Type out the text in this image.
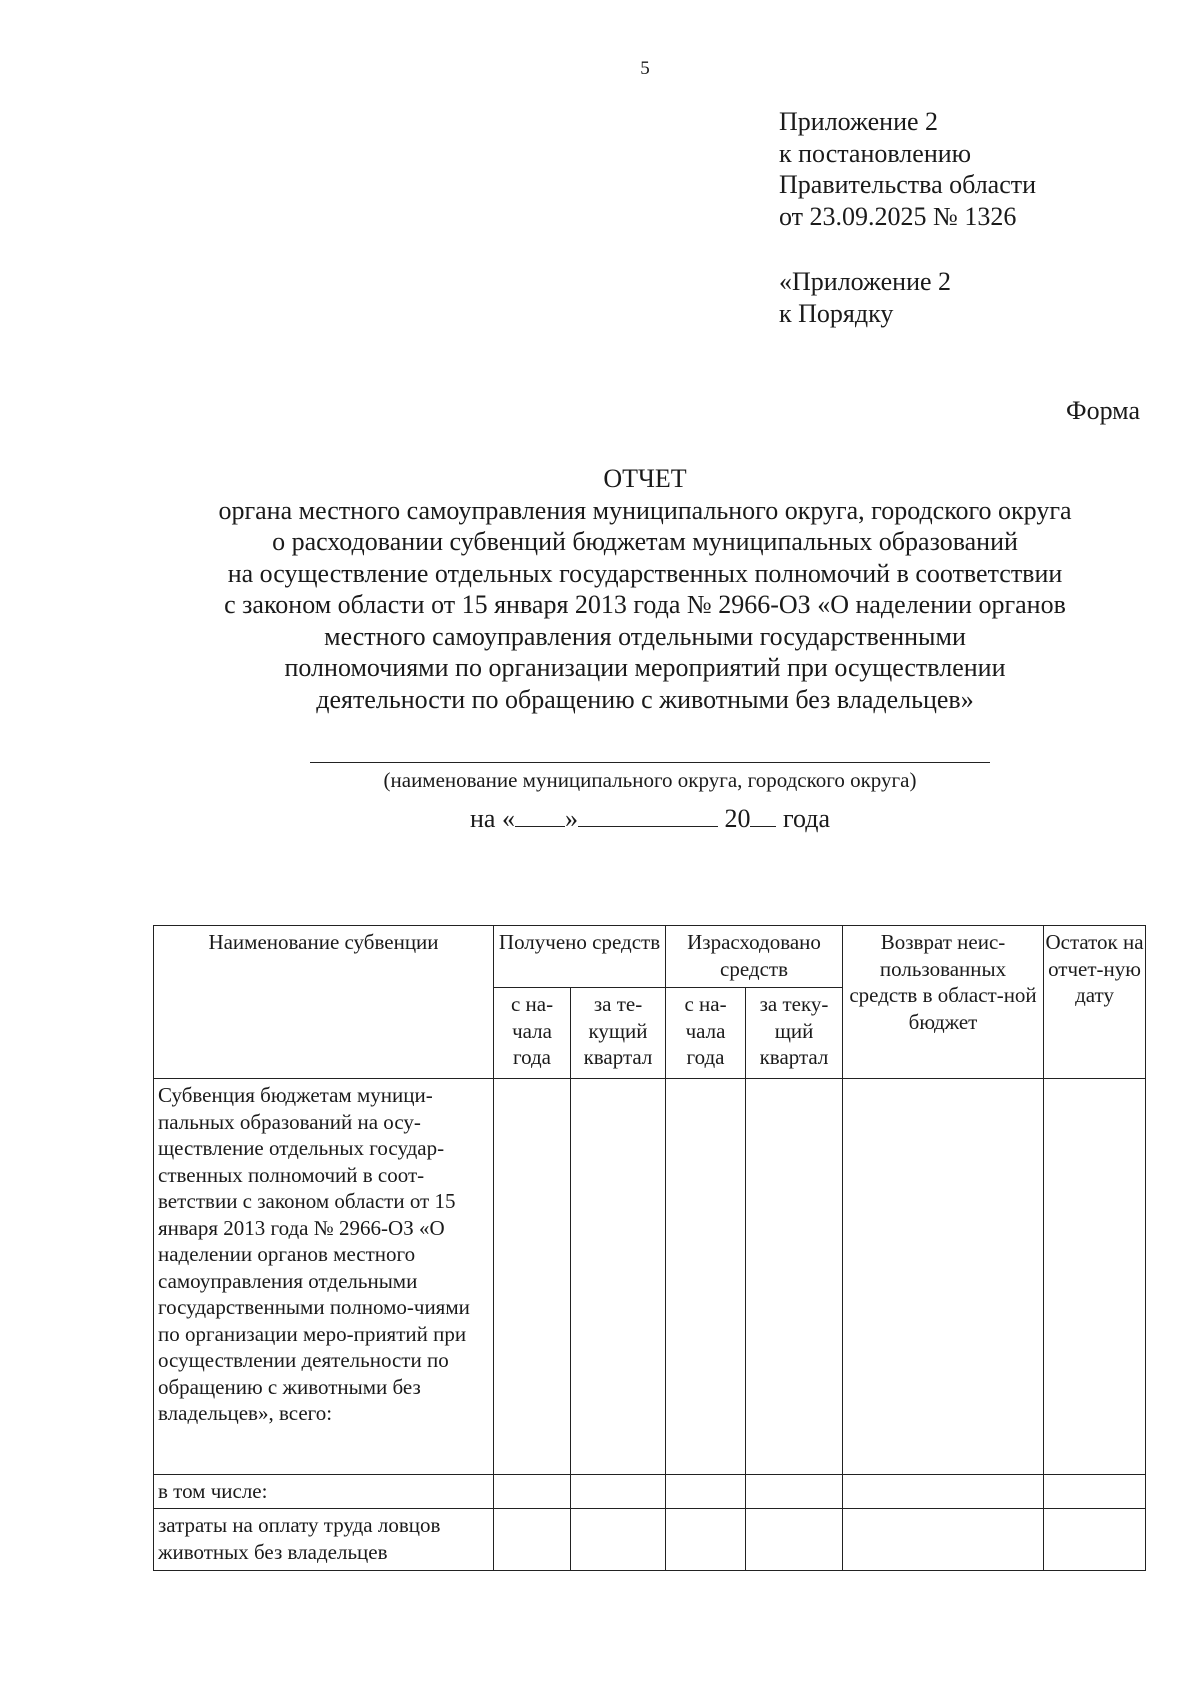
5
Приложение 2
к постановлению
Правительства области
от 23.09.2025 № 1326
«Приложение 2
к Порядку
Форма
ОТЧЕТ
органа местного самоуправления муниципального округа, городского округа
о расходовании субвенций бюджетам муниципальных образований
на осуществление отдельных государственных полномочий в соответствии
с законом области от 15 января 2013 года № 2966-ОЗ «О наделении органов
местного самоуправления отдельными государственными
полномочиями по организации мероприятий при осуществлении
деятельности по обращению с животными без владельцев»
(наименование муниципального округа, городского округа)
на « »	20 года
Наименование субвенции	Получено средств		Израсходовано средств		Возврат неис-пользованных средств в област-ной бюджет	Остаток на отчет-ную дату
	с на-чала года	за те-кущий квартал	с на-чала года	за теку-щий квартал		
Субвенция бюджетам муници-пальных образований на осу-ществление отдельных государ-ственных полномочий в соот-ветствии с законом области от 15 января 2013 года № 2966-ОЗ «О наделении органов местного самоуправления отдельными государственными полномо-чиями по организации меро-приятий при осуществлении деятельности по обращению с животными без владельцев», всего:						
в том числе:						
затраты на оплату труда ловцов животных без владельцев						
